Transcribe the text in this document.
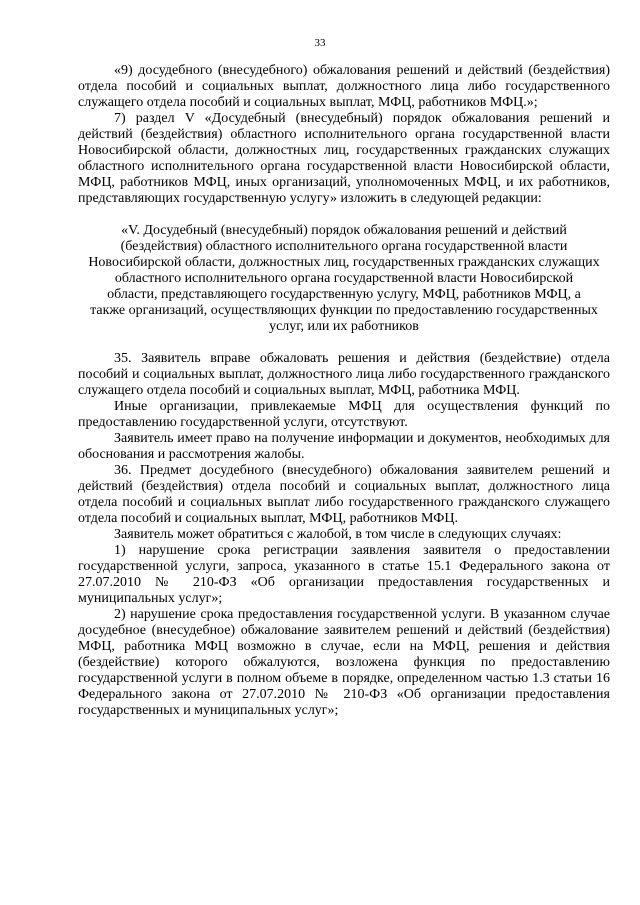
33

«9) досудебного (внесудебного) обжалования решений и действий (бездействия) отдела пособий и социальных выплат, должностного лица либо государственного служащего отдела пособий и социальных выплат, МФЦ, работников МФЦ.»;

7) раздел V «Досудебный (внесудебный) порядок обжалования решений и действий (бездействия) областного исполнительного органа государственной власти Новосибирской области, должностных лиц, государственных гражданских служащих областного исполнительного органа государственной власти Новосибирской области, МФЦ, работников МФЦ, иных организаций, уполномоченных МФЦ, и их работников, представляющих государственную услугу» изложить в следующей редакции:

«V. Досудебный (внесудебный) порядок обжалования решений и действий (бездействия) областного исполнительного органа государственной власти Новосибирской области, должностных лиц, государственных гражданских служащих областного исполнительного органа государственной власти Новосибирской области, представляющего государственную услугу, МФЦ, работников МФЦ, а также организаций, осуществляющих функции по предоставлению государственных услуг, или их работников

35. Заявитель вправе обжаловать решения и действия (бездействие) отдела пособий и социальных выплат, должностного лица либо государственного гражданского служащего отдела пособий и социальных выплат, МФЦ, работника МФЦ.

Иные организации, привлекаемые МФЦ для осуществления функций по предоставлению государственной услуги, отсутствуют.

Заявитель имеет право на получение информации и документов, необходимых для обоснования и рассмотрения жалобы.

36. Предмет досудебного (внесудебного) обжалования заявителем решений и действий (бездействия) отдела пособий и социальных выплат, должностного лица отдела пособий и социальных выплат либо государственного гражданского служащего отдела пособий и социальных выплат, МФЦ, работников МФЦ.

Заявитель может обратиться с жалобой, в том числе в следующих случаях:

1) нарушение срока регистрации заявления заявителя о предоставлении государственной услуги, запроса, указанного в статье 15.1 Федерального закона от 27.07.2010 № 210-ФЗ «Об организации предоставления государственных и муниципальных услуг»;

2) нарушение срока предоставления государственной услуги. В указанном случае досудебное (внесудебное) обжалование заявителем решений и действий (бездействия) МФЦ, работника МФЦ возможно в случае, если на МФЦ, решения и действия (бездействие) которого обжалуются, возложена функция по предоставлению государственной услуги в полном объеме в порядке, определенном частью 1.3 статьи 16 Федерального закона от 27.07.2010 № 210-ФЗ «Об организации предоставления государственных и муниципальных услуг»;
